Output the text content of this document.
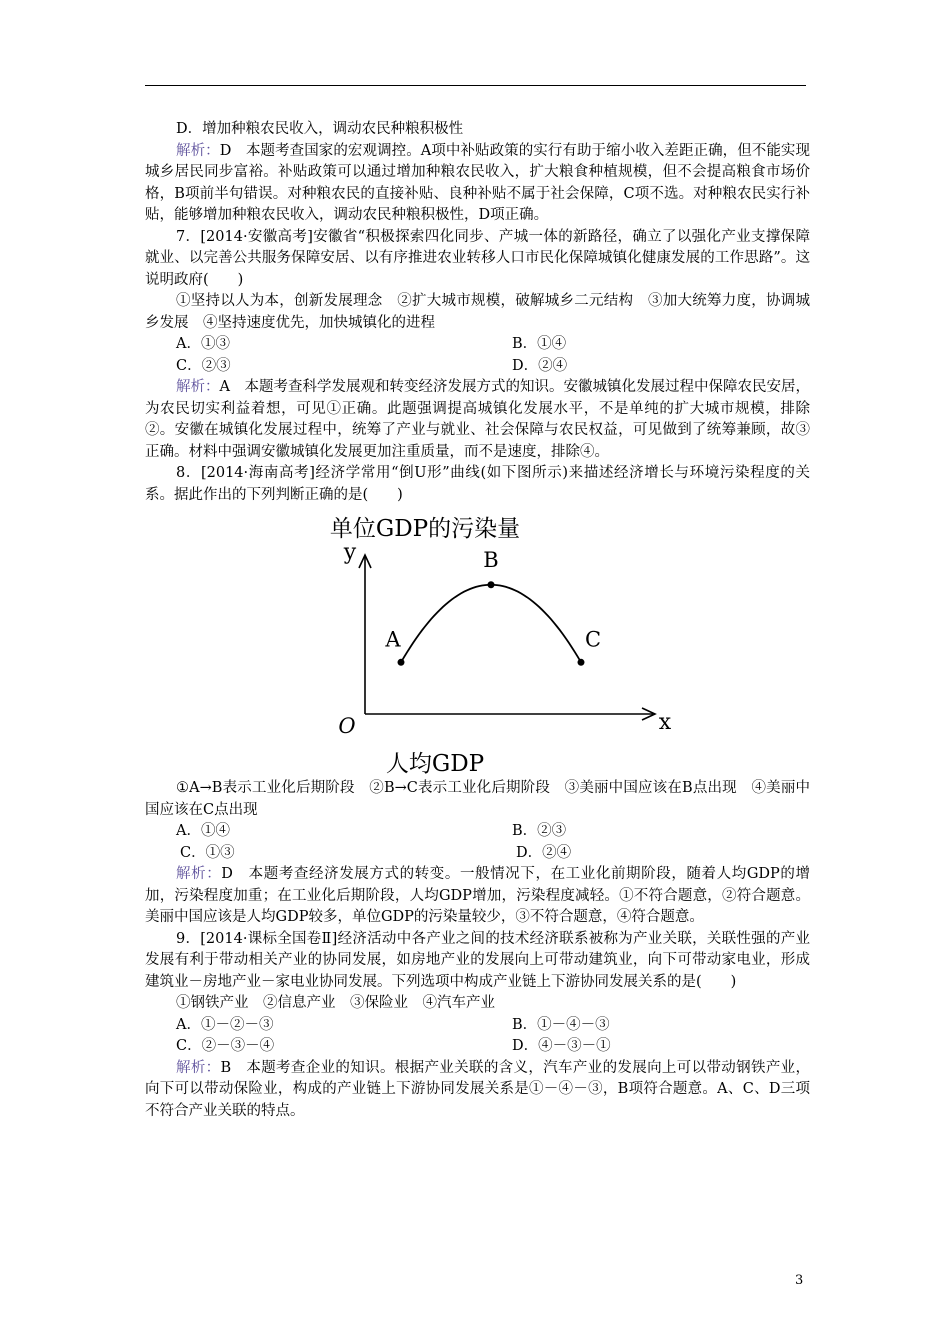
D．增加种粮农民收入，调动农民种粮积极性

解析：D　本题考查国家的宏观调控。A项中补贴政策的实行有助于缩小收入差距正确，但不能实现城乡居民同步富裕。补贴政策可以通过增加种粮农民收入，扩大粮食种植规模，但不会提高粮食市场价格，B项前半句错误。对种粮农民的直接补贴、良种补贴不属于社会保障，C项不选。对种粮农民实行补贴，能够增加种粮农民收入，调动农民种粮积极性，D项正确。

7．[2014·安徽高考]安徽省“积极探索四化同步、产城一体的新路径，确立了以强化产业支撑保障就业、以完善公共服务保障安居、以有序推进农业转移人口市民化保障城镇化健康发展的工作思路”。这说明政府(　　)

①坚持以人为本，创新发展理念　②扩大城市规模，破解城乡二元结构　③加大统筹力度，协调城乡发展　④坚持速度优先，加快城镇化的进程

A．①③	B．①④
C．②③	D．②④

解析：A　本题考查科学发展观和转变经济发展方式的知识。安徽城镇化发展过程中保障农民安居，为农民切实利益着想，可见①正确。此题强调提高城镇化发展水平，不是单纯的扩大城市规模，排除②。安徽在城镇化发展过程中，统筹了产业与就业、社会保障与农民权益，可见做到了统筹兼顾，故③正确。材料中强调安徽城镇化发展更加注重质量，而不是速度，排除④。

8．[2014·海南高考]经济学常用“倒U形”曲线(如下图所示)来描述经济增长与环境污染程度的关系。据此作出的下列判断正确的是(　　)

单位GDP的污染量
y
x
O
人均GDP
A
B
C

①A→B表示工业化后期阶段　②B→C表示工业化后期阶段　③美丽中国应该在B点出现　④美丽中国应该在C点出现

A．①④	B．②③
C．①③	D．②④

解析：D　本题考查经济发展方式的转变。一般情况下，在工业化前期阶段，随着人均GDP的增加，污染程度加重；在工业化后期阶段，人均GDP增加，污染程度减轻。①不符合题意，②符合题意。美丽中国应该是人均GDP较多，单位GDP的污染量较少，③不符合题意，④符合题意。

9．[2014·课标全国卷Ⅱ]经济活动中各产业之间的技术经济联系被称为产业关联，关联性强的产业发展有利于带动相关产业的协同发展，如房地产业的发展向上可带动建筑业，向下可带动家电业，形成建筑业－房地产业－家电业协同发展。下列选项中构成产业链上下游协同发展关系的是(　　)

①钢铁产业　②信息产业　③保险业　④汽车产业

A．①－②－③	B．①－④－③
C．②－③－④	D．④－③－①

解析：B　本题考查企业的知识。根据产业关联的含义，汽车产业的发展向上可以带动钢铁产业，向下可以带动保险业，构成的产业链上下游协同发展关系是①－④－③，B项符合题意。A、C、D三项不符合产业关联的特点。

3
